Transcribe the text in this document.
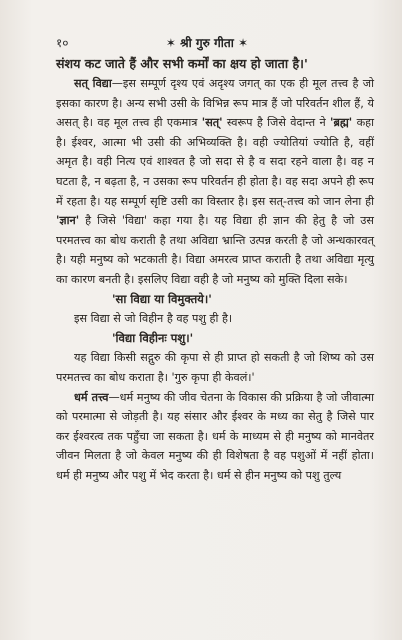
१०	✶ श्री गुरु गीता ✶

संशय कट जाते हैं और सभी कर्मों का क्षय हो जाता है।'

सत् विद्या—इस सम्पूर्ण दृश्य एवं अदृश्य जगत् का एक ही मूल तत्त्व है जो इसका कारण है। अन्य सभी उसी के विभिन्न रूप मात्र हैं जो परिवर्तन शील हैं, ये असत् है। वह मूल तत्त्व ही एकमात्र 'सत्' स्वरूप है जिसे वेदान्त ने 'ब्रह्म' कहा है। ईश्वर, आत्मा भी उसी की अभिव्यक्ति है। वही ज्योतियां ज्योति है, वहीं अमृत है। वही नित्य एवं शाश्वत है जो सदा से है व सदा रहने वाला है। वह न घटता है, न बढ़ता है, न उसका रूप परिवर्तन ही होता है। वह सदा अपने ही रूप में रहता है। यह सम्पूर्ण सृष्टि उसी का विस्तार है। इस सत्-तत्त्व को जान लेना ही 'ज्ञान' है जिसे 'विद्या' कहा गया है। यह विद्या ही ज्ञान की हेतु है जो उस परमतत्त्व का बोध कराती है तथा अविद्या भ्रान्ति उत्पन्न करती है जो अन्धकारवत् है। यही मनुष्य को भटकाती है। विद्या अमरत्व प्राप्त कराती है तथा अविद्या मृत्यु का कारण बनती है। इसलिए विद्या वही है जो मनुष्य को मुक्ति दिला सके।

'सा विद्या या विमुक्तये।'

इस विद्या से जो विहीन है वह पशु ही है।

'विद्या विहीनः पशु।'

यह विद्या किसी सद्गुरु की कृपा से ही प्राप्त हो सकती है जो शिष्य को उस परमतत्त्व का बोध कराता है। 'गुरु कृपा ही केवलं।'

धर्म तत्त्व—धर्म मनुष्य की जीव चेतना के विकास की प्रक्रिया है जो जीवात्मा को परमात्मा से जोड़ती है। यह संसार और ईश्वर के मध्य का सेतु है जिसे पार कर ईश्वरत्व तक पहुँचा जा सकता है। धर्म के माध्यम से ही मनुष्य को मानवेतर जीवन मिलता है जो केवल मनुष्य की ही विशेषता है वह पशुओं में नहीं होता। धर्म ही मनुष्य और पशु में भेद करता है। धर्म से हीन मनुष्य को पशु तुल्य
